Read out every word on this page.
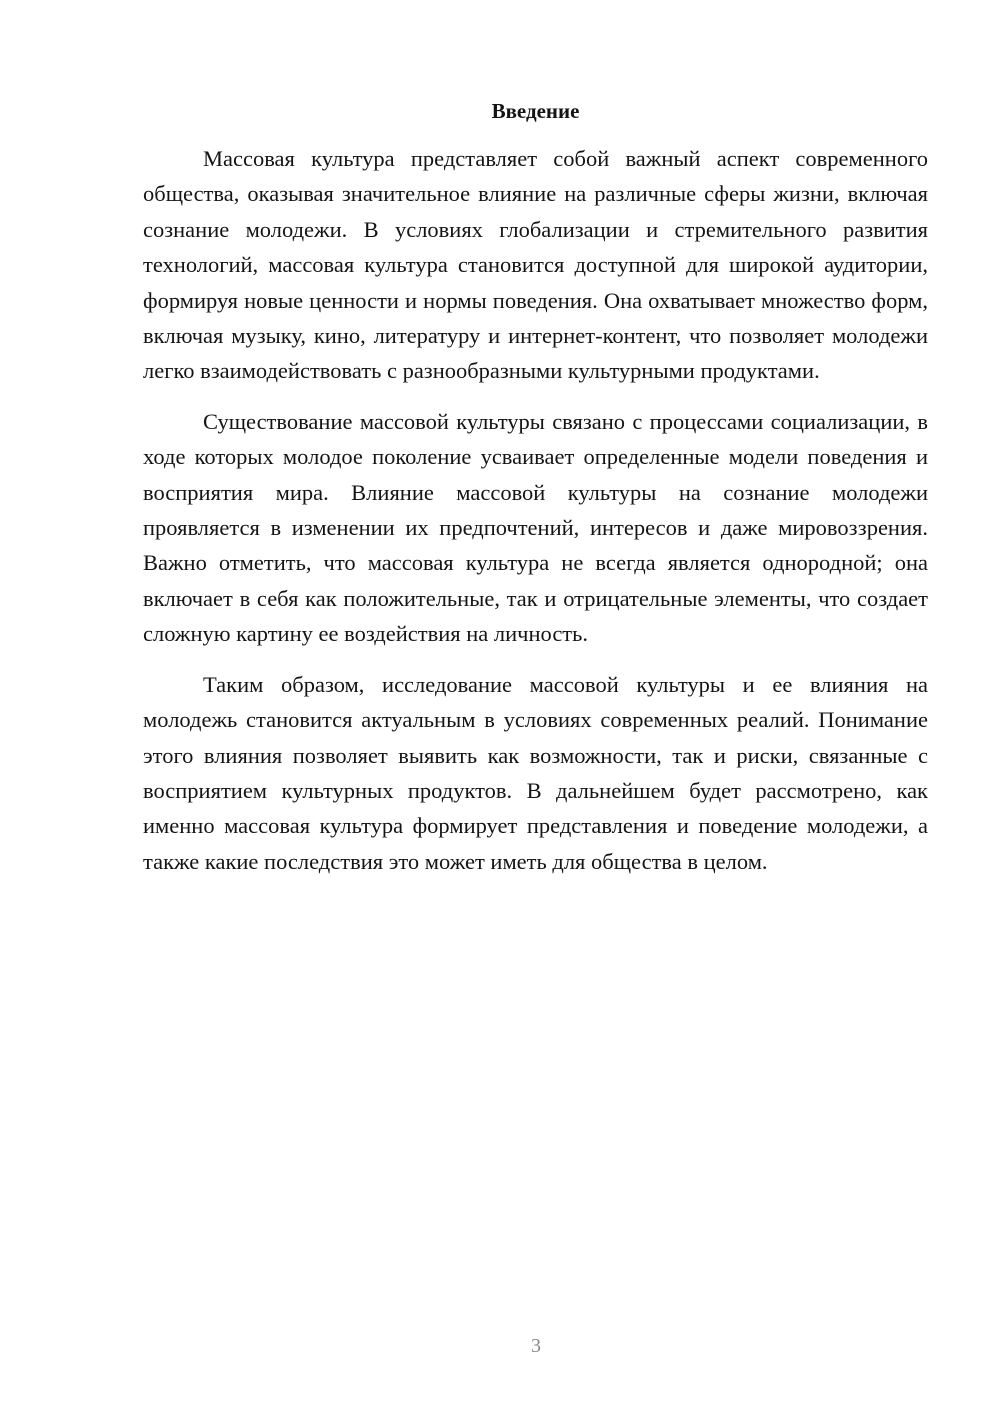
Введение

Массовая культура представляет собой важный аспект современного общества, оказывая значительное влияние на различные сферы жизни, включая сознание молодежи. В условиях глобализации и стремительного развития технологий, массовая культура становится доступной для широкой аудитории, формируя новые ценности и нормы поведения. Она охватывает множество форм, включая музыку, кино, литературу и интернет-контент, что позволяет молодежи легко взаимодействовать с разнообразными культурными продуктами.

Существование массовой культуры связано с процессами социализации, в ходе которых молодое поколение усваивает определенные модели поведения и восприятия мира. Влияние массовой культуры на сознание молодежи проявляется в изменении их предпочтений, интересов и даже мировоззрения. Важно отметить, что массовая культура не всегда является однородной; она включает в себя как положительные, так и отрицательные элементы, что создает сложную картину ее воздействия на личность.

Таким образом, исследование массовой культуры и ее влияния на молодежь становится актуальным в условиях современных реалий. Понимание этого влияния позволяет выявить как возможности, так и риски, связанные с восприятием культурных продуктов. В дальнейшем будет рассмотрено, как именно массовая культура формирует представления и поведение молодежи, а также какие последствия это может иметь для общества в целом.

3
